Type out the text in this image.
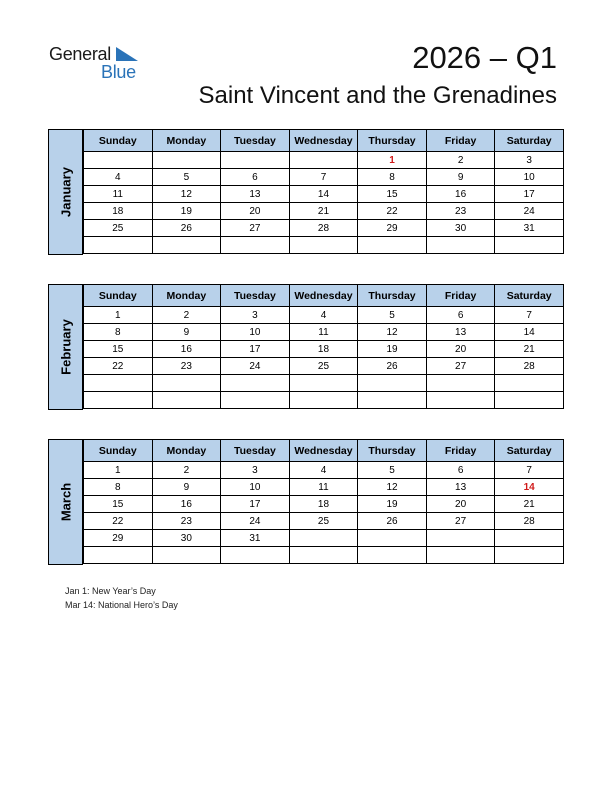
General
Blue	2026 – Q1
Saint Vincent and the Grenadines
January
Sunday	Monday	Tuesday	Wednesday	Thursday	Friday	Saturday
				1	2	3
4	5	6	7	8	9	10
11	12	13	14	15	16	17
18	19	20	21	22	23	24
25	26	27	28	29	30	31

February
Sunday	Monday	Tuesday	Wednesday	Thursday	Friday	Saturday
1	2	3	4	5	6	7
8	9	10	11	12	13	14
15	16	17	18	19	20	21
22	23	24	25	26	27	28

March
Sunday	Monday	Tuesday	Wednesday	Thursday	Friday	Saturday
1	2	3	4	5	6	7
8	9	10	11	12	13	14
15	16	17	18	19	20	21
22	23	24	25	26	27	28
29	30	31				

Jan 1: New Year’s Day
Mar 14: National Hero’s Day
